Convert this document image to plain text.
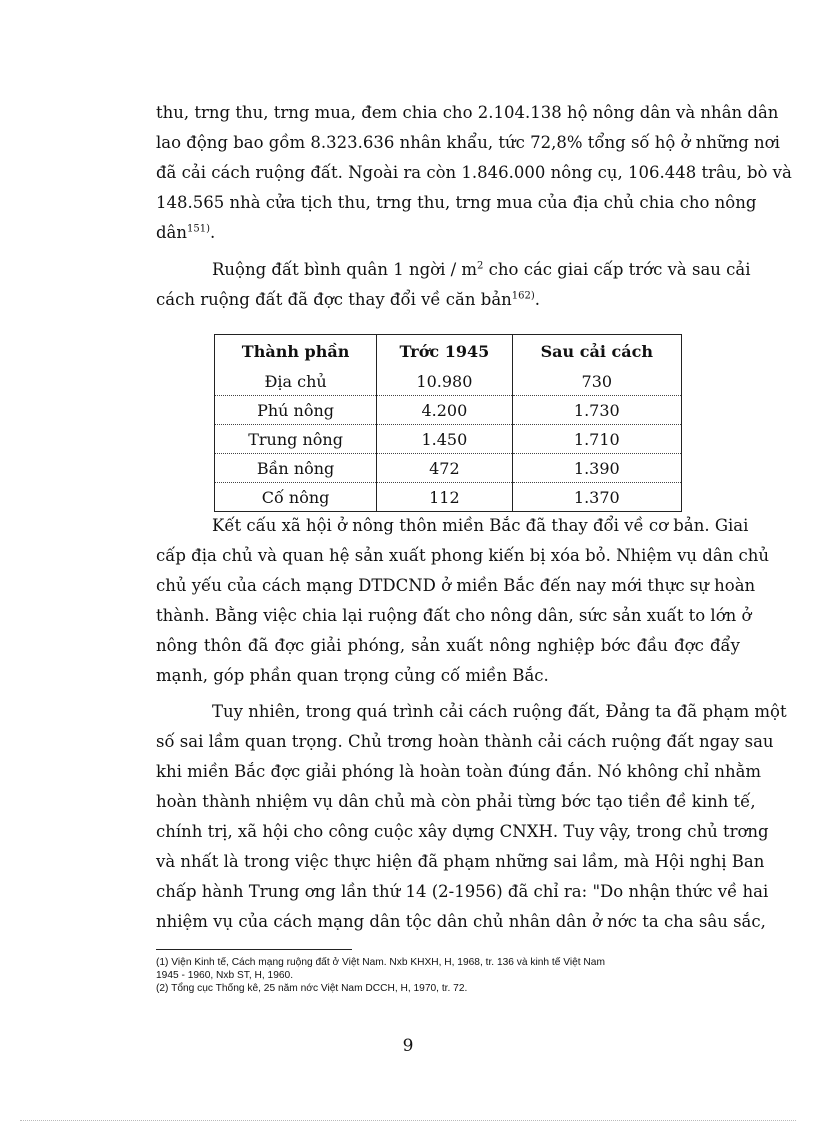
thu, trng thu, trng mua, đem chia cho 2.104.138 hộ nông dân và nhân dân
lao động bao gồm 8.323.636 nhân khẩu, tức 72,8% tổng số hộ ở những nơi
đã cải cách ruộng đất. Ngoài ra còn 1.846.000 nông cụ, 106.448 trâu, bò và
148.565 nhà cửa tịch thu, trng thu, trng mua của địa chủ chia cho nông
dân$^{151)}$.

Ruộng đất bình quân 1 ngời / $m^2$ cho các giai cấp trớc và sau cải
cách ruộng đất đã đợc thay đổi về căn bản$^{162)}$.

Thành phần	Trớc 1945	Sau cải cách
Địa chủ	10.980	730
Phú nông	4.200	1.730
Trung nông	1.450	1.710
Bần nông	472	1.390
Cố nông	112	1.370

Kết cấu xã hội ở nông thôn miền Bắc đã thay đổi về cơ bản. Giai
cấp địa chủ và quan hệ sản xuất phong kiến bị xóa bỏ. Nhiệm vụ dân chủ
chủ yếu của cách mạng DTDCND ở miền Bắc đến nay mới thực sự hoàn
thành. Bằng việc chia lại ruộng đất cho nông dân, sức sản xuất to lớn ở
nông thôn đã đợc giải phóng, sản xuất nông nghiệp bớc đầu đợc đẩy
mạnh, góp phần quan trọng củng cố miền Bắc.

Tuy nhiên, trong quá trình cải cách ruộng đất, Đảng ta đã phạm một
số sai lầm quan trọng. Chủ trơng hoàn thành cải cách ruộng đất ngay sau
khi miền Bắc đợc giải phóng là hoàn toàn đúng đắn. Nó không chỉ nhằm
hoàn thành nhiệm vụ dân chủ mà còn phải từng bớc tạo tiền đề kinh tế,
chính trị, xã hội cho công cuộc xây dựng CNXH. Tuy vậy, trong chủ trơng
và nhất là trong việc thực hiện đã phạm những sai lầm, mà Hội nghị Ban
chấp hành Trung ơng lần thứ 14 (2-1956) đã chỉ ra: "Do nhận thức về hai
nhiệm vụ của cách mạng dân tộc dân chủ nhân dân ở nớc ta cha sâu sắc,

(1) Viện Kinh tế, Cách mạng ruộng đất ở Việt Nam. Nxb KHXH, H, 1968, tr. 136 và kinh tế Việt Nam

1945 - 1960, Nxb ST, H, 1960.

(2) Tổng cục Thống kê, 25 năm nớc Việt Nam DCCH, H, 1970, tr. 72.

9
